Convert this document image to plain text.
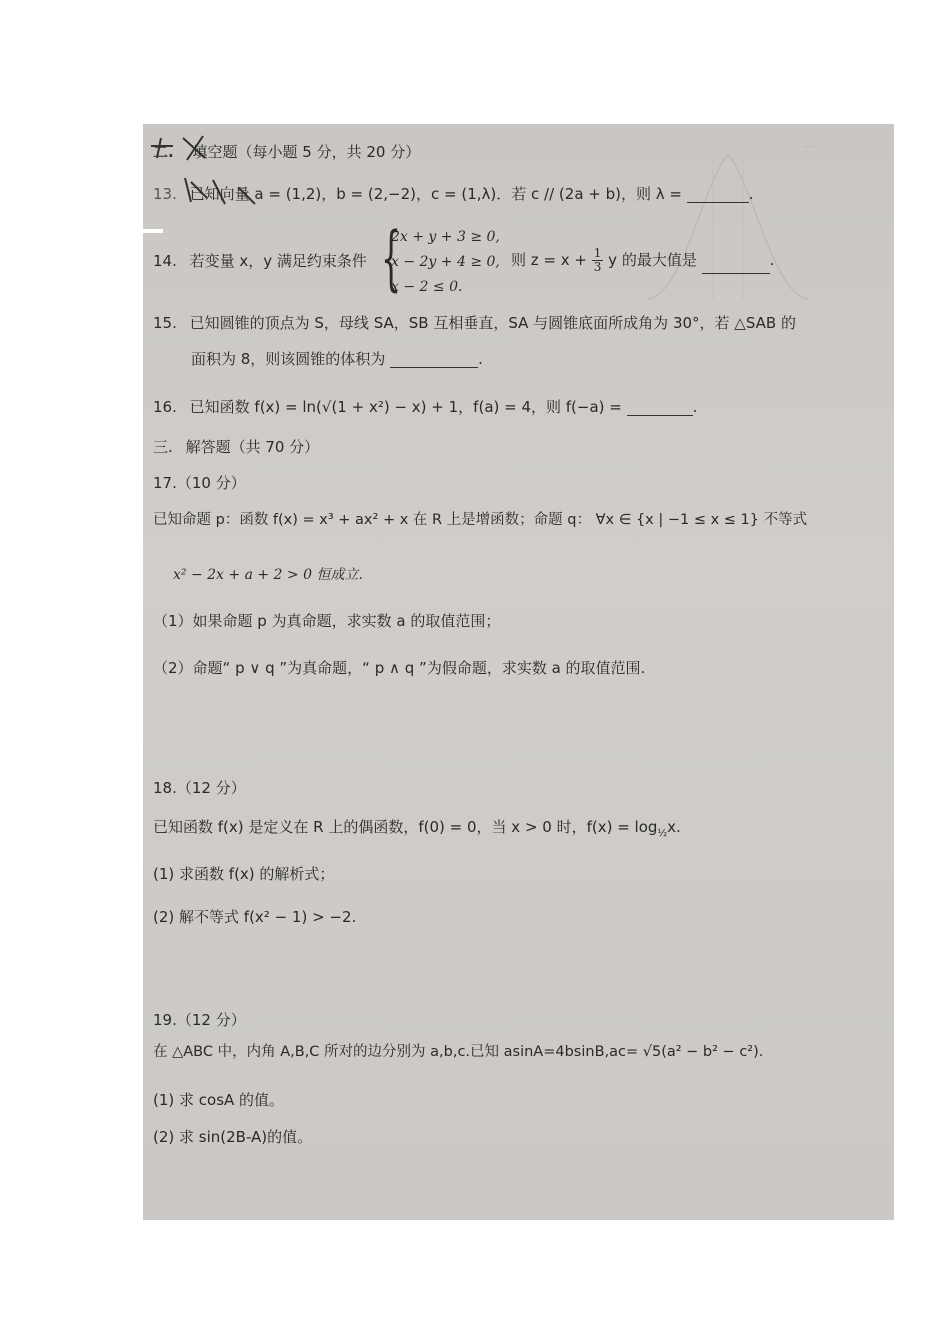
⌒
二. 填空题（每小题 5 分，共 20 分）
13. 已知向量 a = (1,2)，b = (2,−2)，c = (1,λ)．若 c // (2a + b)，则 λ =	.
14. 若变量 x，y 满足约束条件 {
2x + y + 3 ≥ 0,
x − 2y + 4 ≥ 0,
x − 2 ≤ 0.
则 $z = x + \frac{1}{3}$ y 的最大值是	.
15. 已知圆锥的顶点为 S，母线 SA，SB 互相垂直，SA 与圆锥底面所成角为 30°，若 △SAB 的
面积为 8，则该圆锥的体积为	.
16. 已知函数 f(x) = ln(√(1 + x²) − x) + 1，f(a) = 4，则 f(−a) =	.
三. 解答题（共 70 分）
17.（10 分）
已知命题 p：函数 f(x) = x³ + ax² + x 在 R 上是增函数；命题 q： ∀x ∈ {x | −1 ≤ x ≤ 1} 不等式
x² − 2x + a + 2 > 0 恒成立.
（1）如果命题 p 为真命题，求实数 a 的取值范围；
（2）命题“ p ∨ q ”为真命题，“ p ∧ q ”为假命题，求实数 a 的取值范围.
18.（12 分）
已知函数 f(x) 是定义在 R 上的偶函数，f(0) = 0，当 x > 0 时，$f(x) = \log_{\frac{1}{2}}x$.
(1) 求函数 f(x) 的解析式；
(2) 解不等式 f(x² − 1) > −2.
19.（12 分）
在 △ABC 中，内角 A,B,C 所对的边分别为 a,b,c.已知 asinA=4bsinB,ac= √5(a² − b² − c²).
(1) 求 cosA 的值。
(2) 求 sin(2B-A)的值。
